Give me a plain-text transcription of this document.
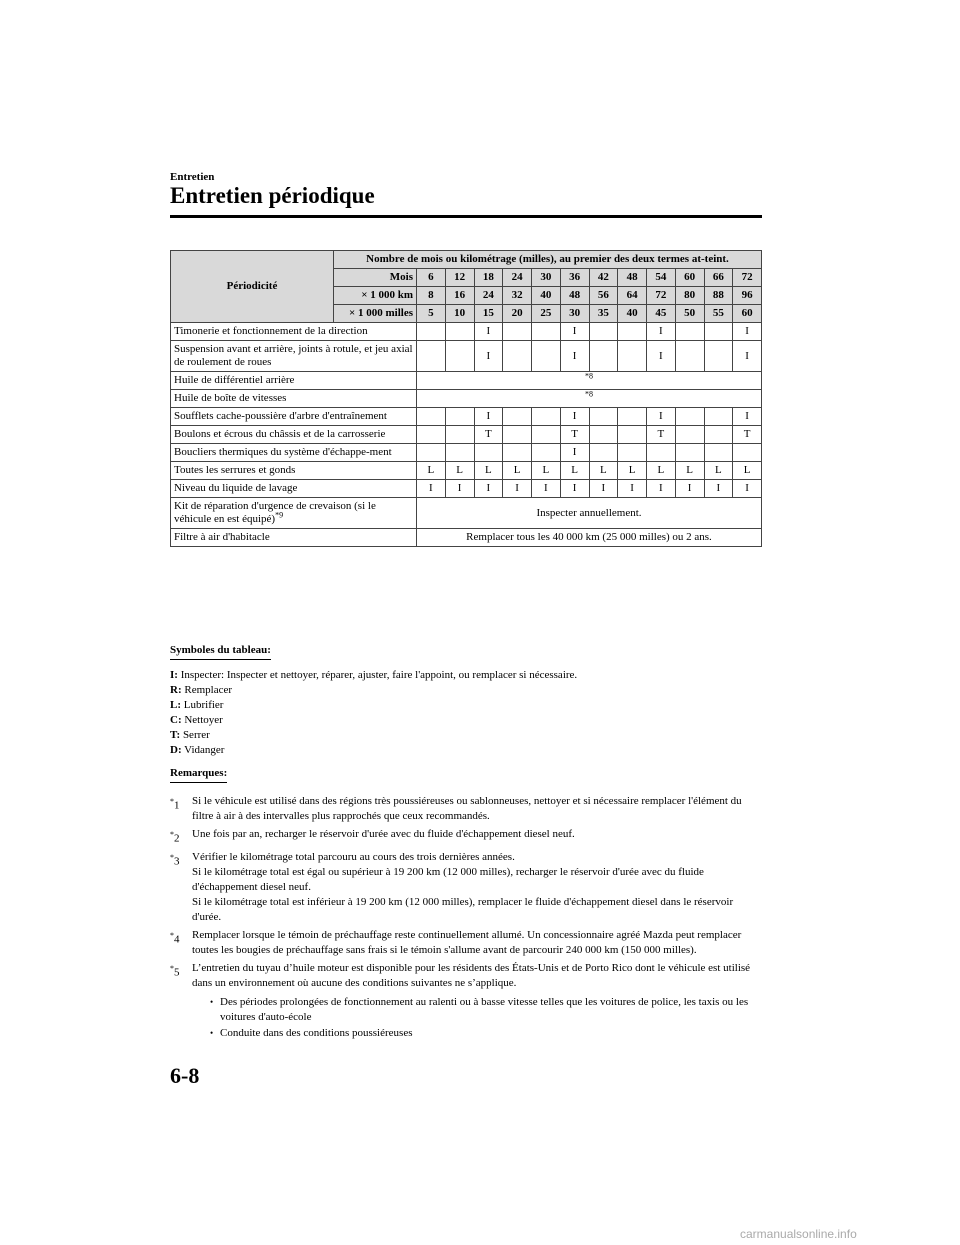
Entretien
Entretien périodique
Périodicité	Nombre de mois ou kilométrage (milles), au premier des deux termes at-teint.												
	Mois	6	12	18	24	30	36	42	48	54	60	66	72
	× 1 000 km	8	16	24	32	40	48	56	64	72	80	88	96
	× 1 000 milles	5	10	15	20	25	30	35	40	45	50	55	60
Timonerie et fonctionnement de la direction				I			I			I			I
Suspension avant et arrière, joints à rotule, et jeu axial de roulement de roues				I			I			I			I
Huile de différentiel arrière		$^{*8}$
Huile de boîte de vitesses		$^{*8}$
Soufflets cache-poussière d'arbre d'entraînement				I			I			I			I
Boulons et écrous du châssis et de la carrosserie				T			T			T			T
Boucliers thermiques du système d'échappe-ment							I						
Toutes les serrures et gonds		L	L	L	L	L	L	L	L	L	L	L	L
Niveau du liquide de lavage		I	I	I	I	I	I	I	I	I	I	I	I
Kit de réparation d'urgence de crevaison (si le véhicule en est équipé)$^{*9}$		Inspecter annuellement.											
Filtre à air d'habitacle		Remplacer tous les 40 000 km (25 000 milles) ou 2 ans.											
Symboles du tableau:

I: Inspecter: Inspecter et nettoyer, réparer, ajuster, faire l'appoint, ou remplacer si nécessaire.

R: Remplacer

L: Lubrifier

C: Nettoyer

T: Serrer

D: Vidanger

Remarques:
*1	Si le véhicule est utilisé dans des régions très poussiéreuses ou sablonneuses, nettoyer et si nécessaire remplacer l'élément du filtre à air à des intervalles plus rapprochés que ceux recommandés.
*2	Une fois par an, recharger le réservoir d'urée avec du fluide d'échappement diesel neuf.
*3	Vérifier le kilométrage total parcouru au cours des trois dernières années.
Si le kilométrage total est égal ou supérieur à 19 200 km (12 000 milles), recharger le réservoir d'urée avec du fluide d'échappement diesel neuf.
Si le kilométrage total est inférieur à 19 200 km (12 000 milles), remplacer le fluide d'échappement diesel dans le réservoir d'urée.
*4	Remplacer lorsque le témoin de préchauffage reste continuellement allumé. Un concessionnaire agréé Mazda peut remplacer toutes les bougies de préchauffage sans frais si le témoin s'allume avant de parcourir 240 000 km (150 000 milles).
*5	L’entretien du tuyau d’huile moteur est disponible pour les résidents des États-Unis et de Porto Rico dont le véhicule est utilisé dans un environnement où aucune des conditions suivantes ne s’applique.
• Des périodes prolongées de fonctionnement au ralenti ou à basse vitesse telles que les voitures de police, les taxis ou les voitures d'auto-école
• Conduite dans des conditions poussiéreuses
6-8
carmanualsonline.info
